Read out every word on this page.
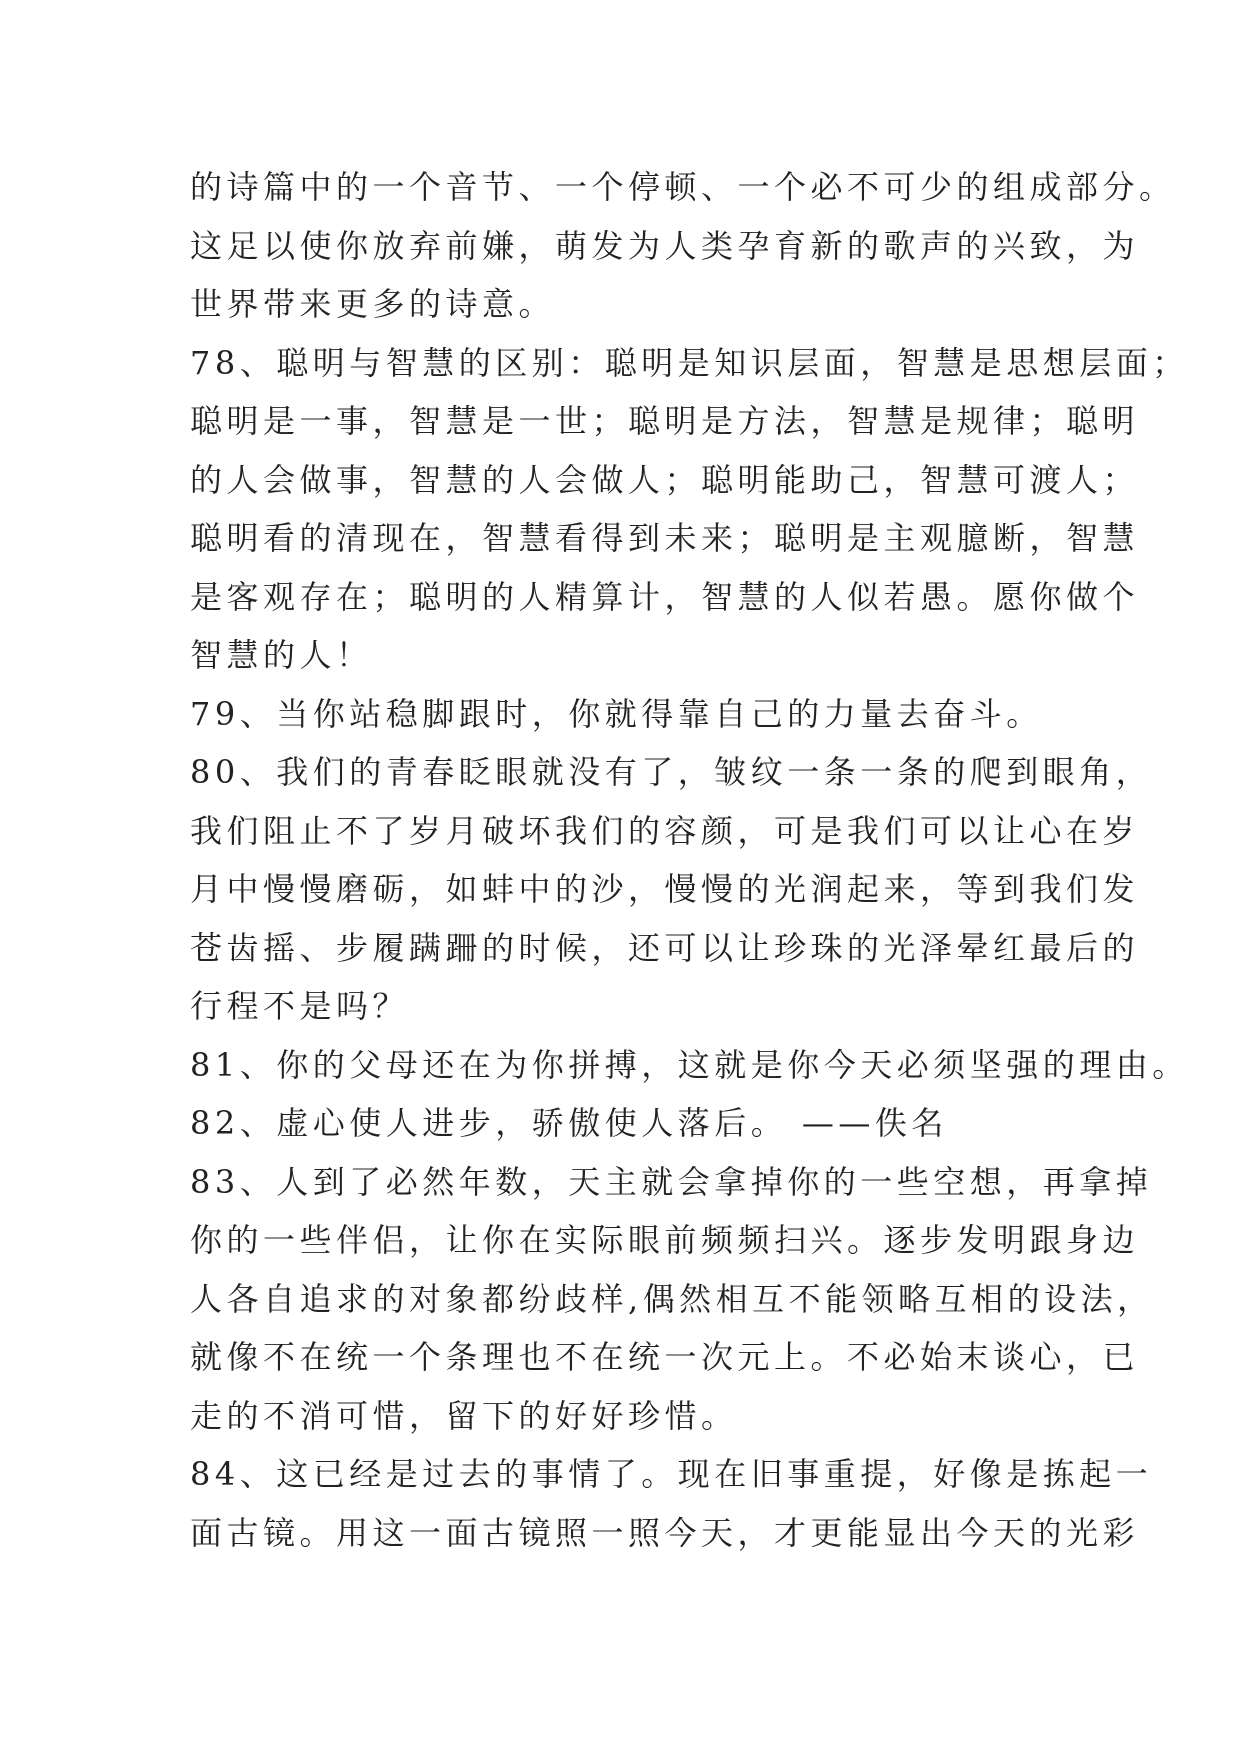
的诗篇中的一个音节、一个停顿、一个必不可少的组成部分。
这足以使你放弃前嫌，萌发为人类孕育新的歌声的兴致，为
世界带来更多的诗意。
78、聪明与智慧的区别：聪明是知识层面，智慧是思想层面；
聪明是一事，智慧是一世；聪明是方法，智慧是规律；聪明
的人会做事，智慧的人会做人；聪明能助己，智慧可渡人；
聪明看的清现在，智慧看得到未来；聪明是主观臆断，智慧
是客观存在；聪明的人精算计，智慧的人似若愚。愿你做个
智慧的人！
79、当你站稳脚跟时，你就得靠自己的力量去奋斗。
80、我们的青春眨眼就没有了，皱纹一条一条的爬到眼角，
我们阻止不了岁月破坏我们的容颜，可是我们可以让心在岁
月中慢慢磨砺，如蚌中的沙，慢慢的光润起来，等到我们发
苍齿摇、步履蹒跚的时候，还可以让珍珠的光泽晕红最后的
行程不是吗？
81、你的父母还在为你拼搏，这就是你今天必须坚强的理由。
82、虚心使人进步，骄傲使人落后。 ——佚名
83、人到了必然年数，天主就会拿掉你的一些空想，再拿掉
你的一些伴侣，让你在实际眼前频频扫兴。逐步发明跟身边
人各自追求的对象都纷歧样,偶然相互不能领略互相的设法，
就像不在统一个条理也不在统一次元上。不必始末谈心，已
走的不消可惜，留下的好好珍惜。
84、这已经是过去的事情了。现在旧事重提，好像是拣起一
面古镜。用这一面古镜照一照今天，才更能显出今天的光彩
